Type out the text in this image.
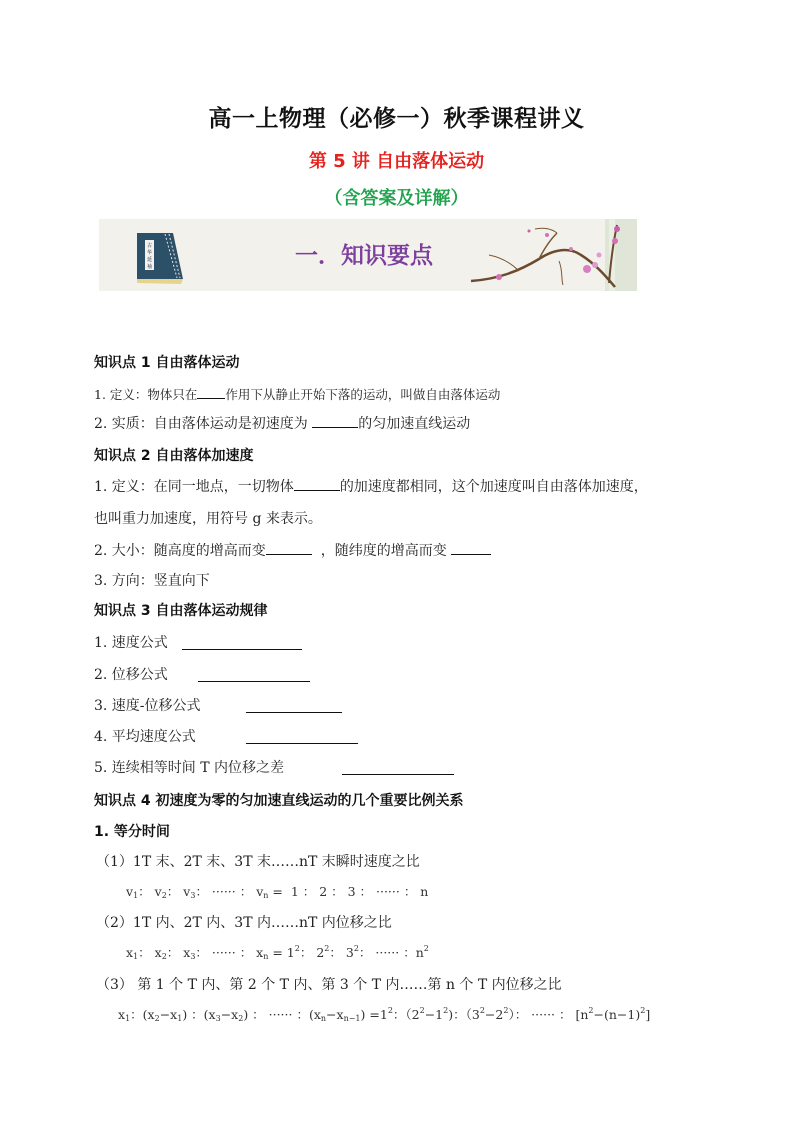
高一上物理（必修一）秋季课程讲义
第 5 讲 自由落体运动
（含答案及详解）
古
华
延
袖	一．知识要点
知识点 1 自由落体运动
1. 定义：物体只在 作用下从静止开始下落的运动，叫做自由落体运动
2. 实质：自由落体运动是初速度为	的匀加速直线运动
知识点 2 自由落体加速度
1. 定义：在同一地点，一切物体	的加速度都相同，这个加速度叫自由落体加速度，
也叫重力加速度，用符号 g 来表示。
2. 大小：随高度的增高而变	，随纬度的增高而变
3. 方向：竖直向下
知识点 3 自由落体运动规律
1. 速度公式
2. 位移公式
3. 速度-位移公式
4. 平均速度公式
5. 连续相等时间 T 内位移之差
知识点 4 初速度为零的匀加速直线运动的几个重要比例关系
1. 等分时间
（1）1T 末、2T 末、3T 末……nT 末瞬时速度之比
$v_1$： $v_2$： $v_3$： ······ ： $v_n = 1$ ： 2 ： 3 ： ······ ： n
（2）1T 内、2T 内、3T 内……nT 内位移之比
$x_1$： $x_2$： $x_3$： ······ ： $x_n = 1^2$： $2^2$： $3^2$： ······ ：$n^2$
（3） 第 1 个 T 内、第 2 个 T 内、第 3 个 T 内……第 n 个 T 内位移之比
$x_1$：$(x_2-x_1)$ ：$(x_3-x_2)$ ： ······ ：$(x_n-x_{n-1}) =1^2$：$(2^2-1^2)$：$(3^2-2^2)$： ······ ： $[n^2-(n-1)^2]$
